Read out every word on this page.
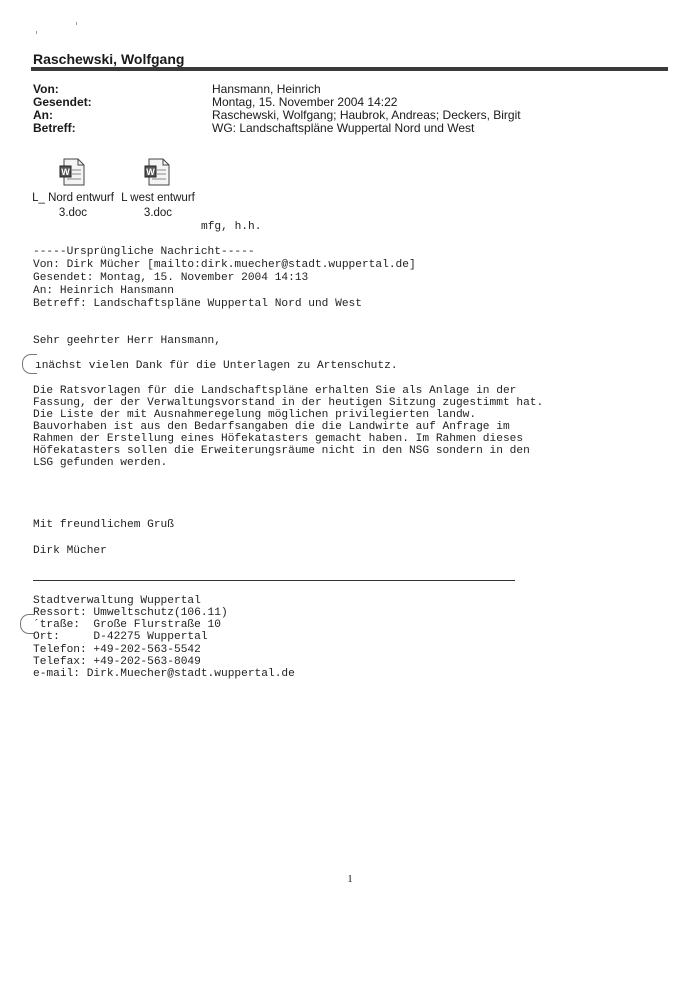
Raschewski, Wolfgang
Von:	Hansmann, Heinrich
Gesendet:	Montag, 15. November 2004 14:22
An:	Raschewski, Wolfgang; Haubrok, Andreas; Deckers, Birgit
Betreff:	WG: Landschaftspläne Wuppertal Nord und West
W
L_ Nord entwurf
3.doc
W
L west entwurf
3.doc
mfg, h.h.
-----Ursprüngliche Nachricht-----
Von: Dirk Mücher [mailto:dirk.muecher@stadt.wuppertal.de]
Gesendet: Montag, 15. November 2004 14:13
An: Heinrich Hansmann
Betreff: Landschaftspläne Wuppertal Nord und West
Sehr geehrter Herr Hansmann,
ınächst vielen Dank für die Unterlagen zu Artenschutz.
Die Ratsvorlagen für die Landschaftspläne erhalten Sie als Anlage in der
Fassung, der der Verwaltungsvorstand in der heutigen Sitzung zugestimmt hat.
Die Liste der mit Ausnahmeregelung möglichen privilegierten landw.
Bauvorhaben ist aus den Bedarfsangaben die die Landwirte auf Anfrage im
Rahmen der Erstellung eines Höfekatasters gemacht haben. Im Rahmen dieses
Höfekatasters sollen die Erweiterungsräume nicht in den NSG sondern in den
LSG gefunden werden.
Mit freundlichem Gruß
Dirk Mücher
Stadtverwaltung Wuppertal
Ressort: Umweltschutz(106.11)
´traße:  Große Flurstraße 10
Ort:     D-42275 Wuppertal
Telefon: +49-202-563-5542
Telefax: +49-202-563-8049
e-mail: Dirk.Muecher@stadt.wuppertal.de
1
